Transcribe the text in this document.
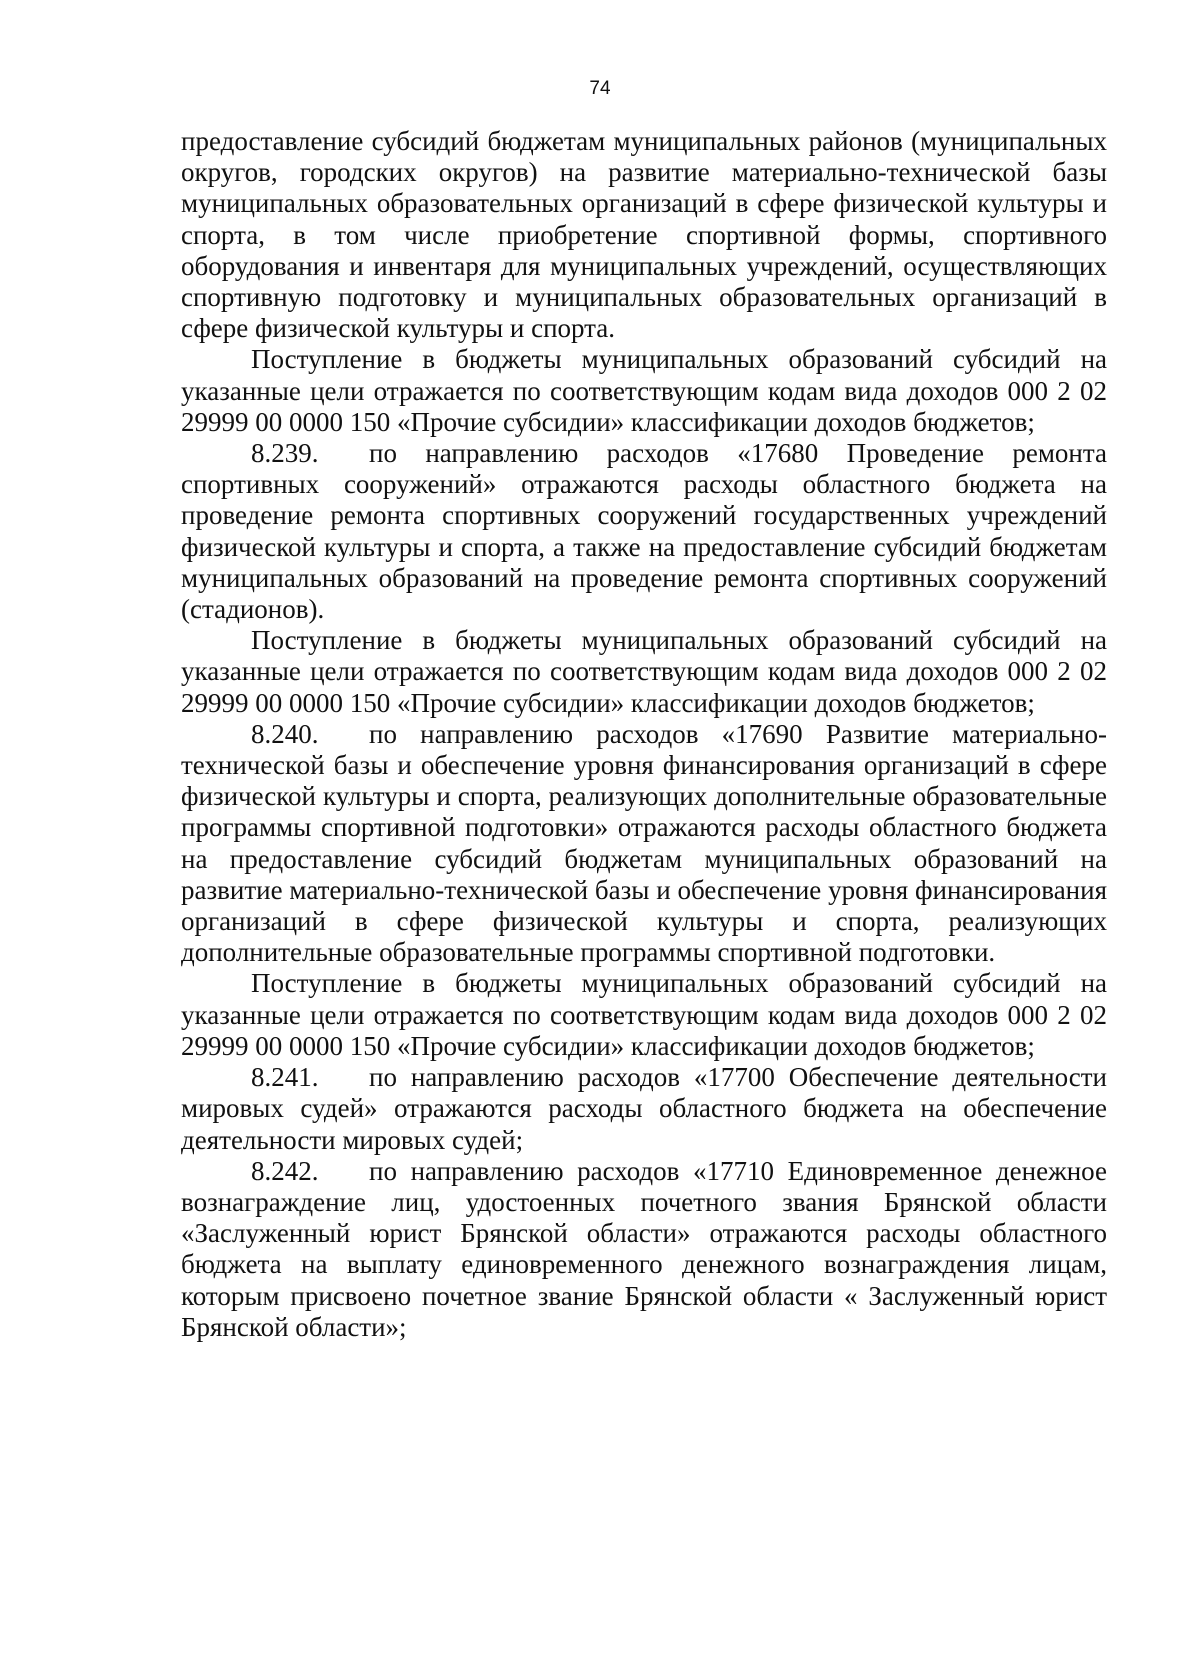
74

предоставление субсидий бюджетам муниципальных районов (муниципальных округов, городских округов) на развитие материально-технической базы муниципальных образовательных организаций в сфере физической культуры и спорта, в том числе приобретение спортивной формы, спортивного оборудования и инвентаря для муниципальных учреждений, осуществляющих спортивную подготовку и муниципальных образовательных организаций в сфере физической культуры и спорта.

Поступление в бюджеты муниципальных образований субсидий на указанные цели отражается по соответствующим кодам вида доходов 000 2 02 29999 00 0000 150 «Прочие субсидии» классификации доходов бюджетов;

8.239. по направлению расходов «17680 Проведение ремонта спортивных сооружений» отражаются расходы областного бюджета на проведение ремонта спортивных сооружений государственных учреждений физической культуры и спорта, а также на предоставление субсидий бюджетам муниципальных образований на проведение ремонта спортивных сооружений (стадионов).

Поступление в бюджеты муниципальных образований субсидий на указанные цели отражается по соответствующим кодам вида доходов 000 2 02 29999 00 0000 150 «Прочие субсидии» классификации доходов бюджетов;

8.240. по направлению расходов «17690 Развитие материально-технической базы и обеспечение уровня финансирования организаций в сфере физической культуры и спорта, реализующих дополнительные образовательные программы спортивной подготовки» отражаются расходы областного бюджета на предоставление субсидий бюджетам муниципальных образований на развитие материально-технической базы и обеспечение уровня финансирования организаций в сфере физической культуры и спорта, реализующих дополнительные образовательные программы спортивной подготовки.

Поступление в бюджеты муниципальных образований субсидий на указанные цели отражается по соответствующим кодам вида доходов 000 2 02 29999 00 0000 150 «Прочие субсидии» классификации доходов бюджетов;

8.241. по направлению расходов «17700 Обеспечение деятельности мировых судей» отражаются расходы областного бюджета на обеспечение деятельности мировых судей;

8.242. по направлению расходов «17710 Единовременное денежное вознаграждение лиц, удостоенных почетного звания Брянской области «Заслуженный юрист Брянской области» отражаются расходы областного бюджета на выплату единовременного денежного вознаграждения лицам, которым присвоено почетное звание Брянской области « Заслуженный юрист Брянской области»;
